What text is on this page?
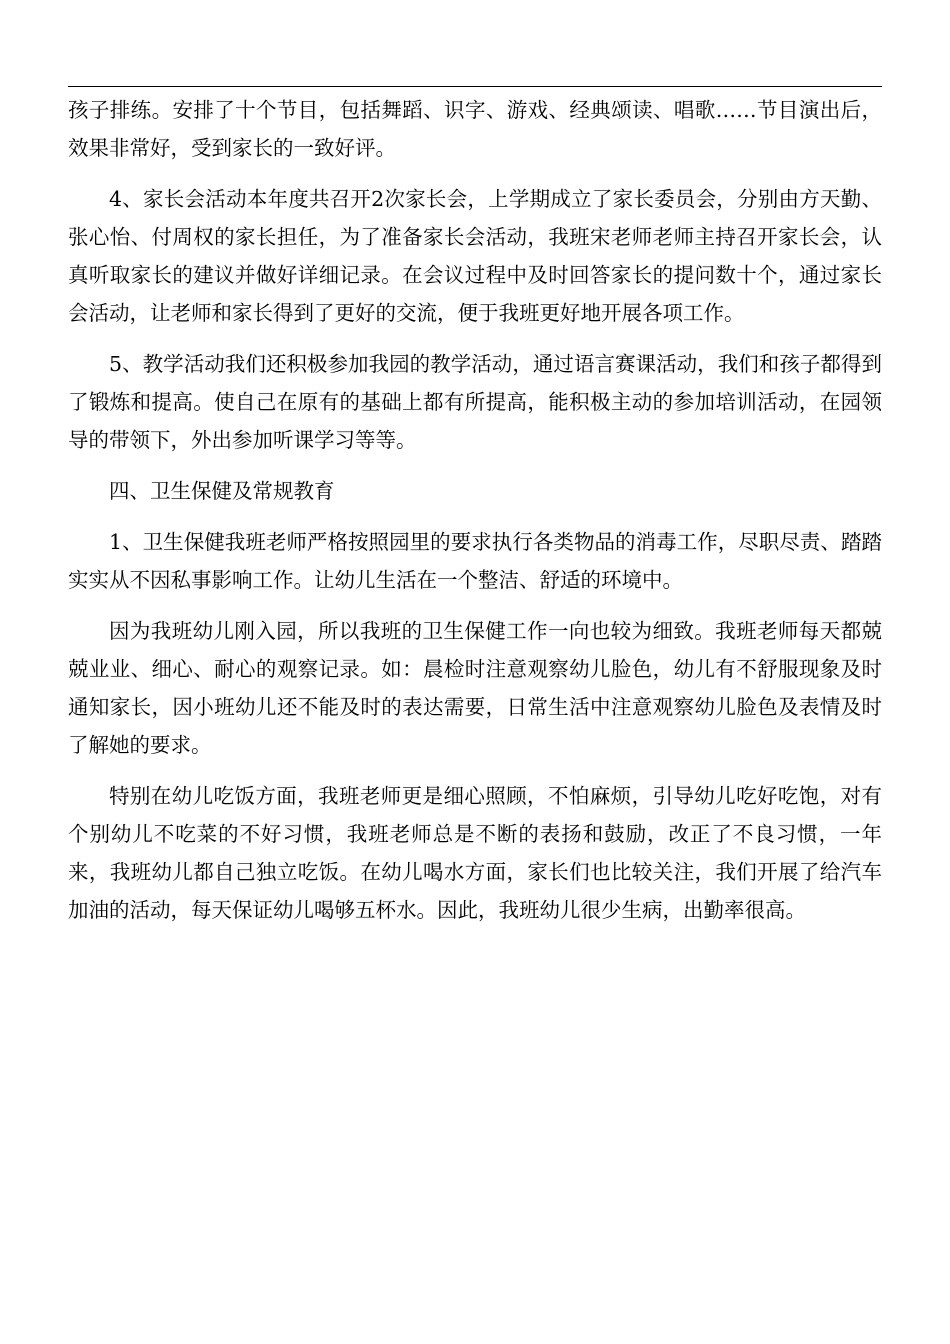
孩子排练。安排了十个节目，包括舞蹈、识字、游戏、经典颂读、唱歌……节目演出后，效果非常好，受到家长的一致好评。

4、家长会活动本年度共召开2次家长会，上学期成立了家长委员会，分别由方天勤、张心怡、付周权的家长担任，为了准备家长会活动，我班宋老师老师主持召开家长会，认真听取家长的建议并做好详细记录。在会议过程中及时回答家长的提问数十个，通过家长会活动，让老师和家长得到了更好的交流，便于我班更好地开展各项工作。

5、教学活动我们还积极参加我园的教学活动，通过语言赛课活动，我们和孩子都得到了锻炼和提高。使自己在原有的基础上都有所提高，能积极主动的参加培训活动，在园领导的带领下，外出参加听课学习等等。

四、卫生保健及常规教育

1、卫生保健我班老师严格按照园里的要求执行各类物品的消毒工作，尽职尽责、踏踏实实从不因私事影响工作。让幼儿生活在一个整洁、舒适的环境中。

因为我班幼儿刚入园，所以我班的卫生保健工作一向也较为细致。我班老师每天都兢兢业业、细心、耐心的观察记录。如：晨检时注意观察幼儿脸色，幼儿有不舒服现象及时通知家长，因小班幼儿还不能及时的表达需要，日常生活中注意观察幼儿脸色及表情及时了解她的要求。

特别在幼儿吃饭方面，我班老师更是细心照顾，不怕麻烦，引导幼儿吃好吃饱，对有个别幼儿不吃菜的不好习惯，我班老师总是不断的表扬和鼓励，改正了不良习惯，一年来，我班幼儿都自己独立吃饭。在幼儿喝水方面，家长们也比较关注，我们开展了给汽车加油的活动，每天保证幼儿喝够五杯水。因此，我班幼儿很少生病，出勤率很高。
